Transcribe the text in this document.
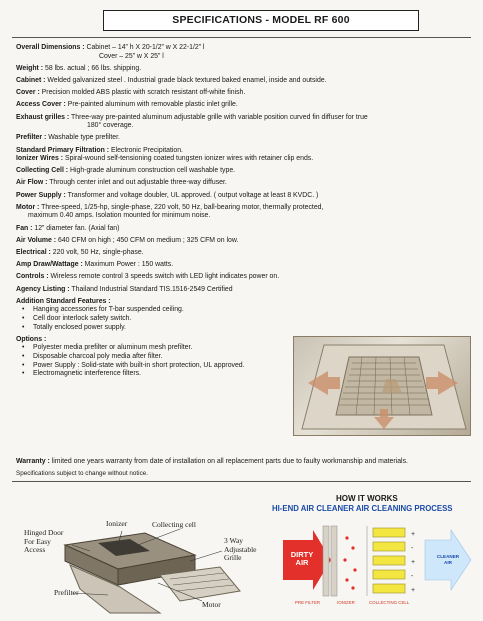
SPECIFICATIONS - MODEL RF 600
Overall Dimensions : Cabinet – 14” h X 20-1/2” w X 22-1/2” l
Cover – 25” w X 25” l
Weight : 58 lbs. actual ; 66 lbs. shipping.
Cabinet : Welded galvanized steel . Industrial grade black textured baked enamel, inside and outside.
Cover : Precision molded ABS plastic with scratch resistant off-white finish.
Access Cover : Pre-painted aluminum with removable plastic inlet grille.
Exhaust grilles : Three-way pre-painted aluminum adjustable grille with variable position curved fin diffuser for true
180° coverage.
Prefilter : Washable type prefilter.
Standard Primary Filtration : Electronic Precipitation.
Ionizer Wires : Spiral-wound self-tensioning coated tungsten ionizer wires with retainer clip ends.
Collecting Cell : High-grade aluminum construction cell washable type.
Air Flow : Through center inlet and out adjustable three-way diffuser.
Power Supply : Transformer and voltage doubler, UL approved. ( output voltage at least 8 KVDC. )
Motor : Three-speed, 1/25-hp, single-phase, 220 volt, 50 Hz, ball-bearing motor, thermally protected,
maximum 0.40 amps. Isolation mounted for minimum noise.
Fan : 12” diameter fan. (Axial fan)
Air Volume : 640 CFM on high ; 450 CFM on medium ; 325 CFM on low.
Electrical : 220 volt, 50 Hz, single-phase.
Amp Draw/Wattage : Maximum Power : 150 watts.
Controls : Wireless remote control 3 speeds switch with LED light indicates power on.
Agency Listing : Thailand Industrial Standard TIS.1516-2549 Certified
Addition Standard Features :
• Hanging accessories for T-bar suspended ceiling.
• Cell door interlock safety switch.
• Totally enclosed power supply.
Options :
• Polyester media prefilter or aluminum mesh prefilter.
• Disposable charcoal poly media after filter.
• Power Supply : Solid-state with built-in short protection, UL approved.
• Electromagnetic interference filters.
Warranty : limited one years warranty from date of installation on all replacement parts due to faulty workmanship and materials.
Specifications subject to change without notice.
Hinged Door
For Easy
Access
Ionizer	Collecting cell
3 Way
Adjustable
Grille
Prefilter
Motor
HOW IT WORKS
HI-END AIR CLEANER AIR CLEANING PROCESS
+
-
+
-
+
DIRTY
AIR
CLEANER
AIR
PRE FILTER	IONIZER	COLLECTING CELL
